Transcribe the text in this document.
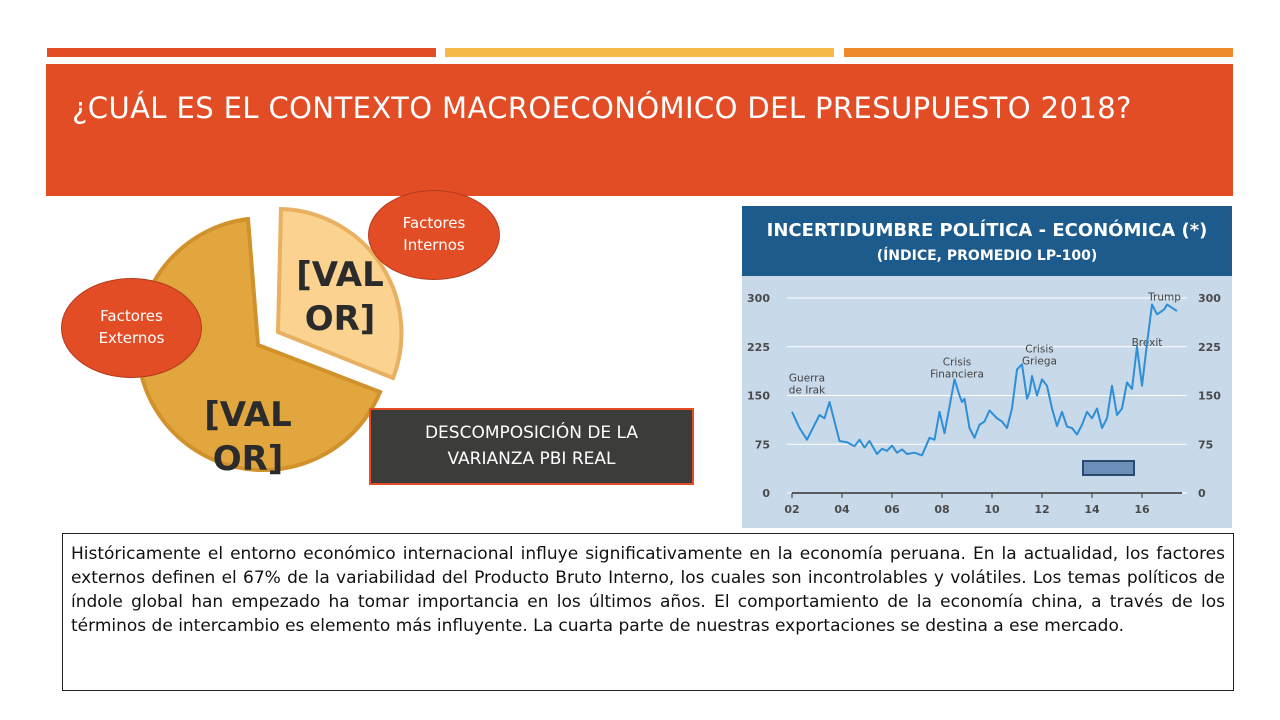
¿CUÁL ES EL CONTEXTO MACROECONÓMICO DEL PRESUPUESTO 2018?
[VAL
OR]
[VAL
OR]
Factores
Internos
Factores
Externos
DESCOMPOSICIÓN DE LA
VARIANZA PBI REAL
INCERTIDUMBRE POLÍTICA - ECONÓMICA (*)
(ÍNDICE, PROMEDIO LP-100)
Guerra
de Irak
Crisis
Financiera
Crisis
Griega
Brexit
Trump
0	0
75	75
150	150
225	225
300	300
02	04	06	08	10	12	14	16

Históricamente el entorno económico internacional influye significativamente en la economía peruana. En la actualidad, los factores externos definen el 67% de la variabilidad del Producto Bruto Interno, los cuales son incontrolables y volátiles. Los temas políticos de índole global han empezado ha tomar importancia en los últimos años. El comportamiento de la economía china, a través de los términos de intercambio es elemento más influyente. La cuarta parte de nuestras exportaciones se destina a ese mercado.
